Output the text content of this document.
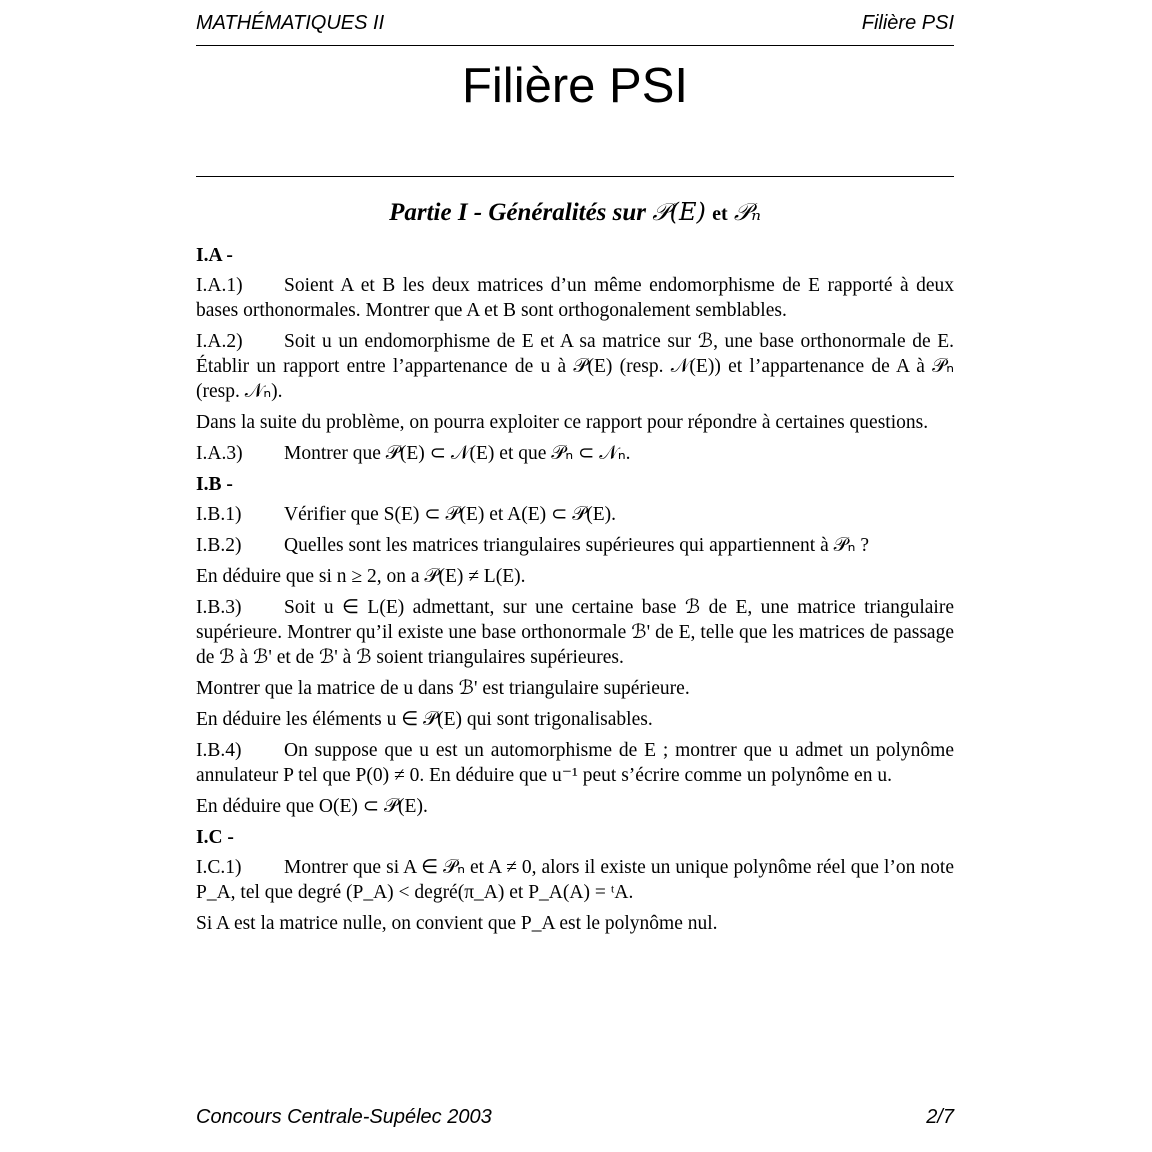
MATHÉMATIQUES II	Filière PSI
Filière PSI
Partie I - Généralités sur 𝒫(E) et 𝒫ₙ
I.A -
I.A.1) Soient A et B les deux matrices d’un même endomorphisme de E rapporté à deux bases orthonormales. Montrer que A et B sont orthogonalement semblables.
I.A.2) Soit u un endomorphisme de E et A sa matrice sur ℬ, une base orthonormale de E. Établir un rapport entre l’appartenance de u à 𝒫(E) (resp. 𝒩(E)) et l’appartenance de A à 𝒫ₙ (resp. 𝒩ₙ).
Dans la suite du problème, on pourra exploiter ce rapport pour répondre à certaines questions.
I.A.3) Montrer que 𝒫(E) ⊂ 𝒩(E) et que 𝒫ₙ ⊂ 𝒩ₙ.
I.B -
I.B.1) Vérifier que S(E) ⊂ 𝒫(E) et A(E) ⊂ 𝒫(E).
I.B.2) Quelles sont les matrices triangulaires supérieures qui appartiennent à 𝒫ₙ ?
En déduire que si n ≥ 2, on a 𝒫(E) ≠ L(E).
I.B.3) Soit u ∈ L(E) admettant, sur une certaine base ℬ de E, une matrice triangulaire supérieure. Montrer qu’il existe une base orthonormale ℬ' de E, telle que les matrices de passage de ℬ à ℬ' et de ℬ' à ℬ soient triangulaires supérieures.
Montrer que la matrice de u dans ℬ' est triangulaire supérieure.
En déduire les éléments u ∈ 𝒫(E) qui sont trigonalisables.
I.B.4) On suppose que u est un automorphisme de E ; montrer que u admet un polynôme annulateur P tel que P(0) ≠ 0. En déduire que u⁻¹ peut s’écrire comme un polynôme en u.
En déduire que O(E) ⊂ 𝒫(E).
I.C -
I.C.1) Montrer que si A ∈ 𝒫ₙ et A ≠ 0, alors il existe un unique polynôme réel que l’on note P_A, tel que degré (P_A) < degré(π_A) et P_A(A) = ᵗA.
Si A est la matrice nulle, on convient que P_A est le polynôme nul.
Concours Centrale-Supélec 2003	2/7
